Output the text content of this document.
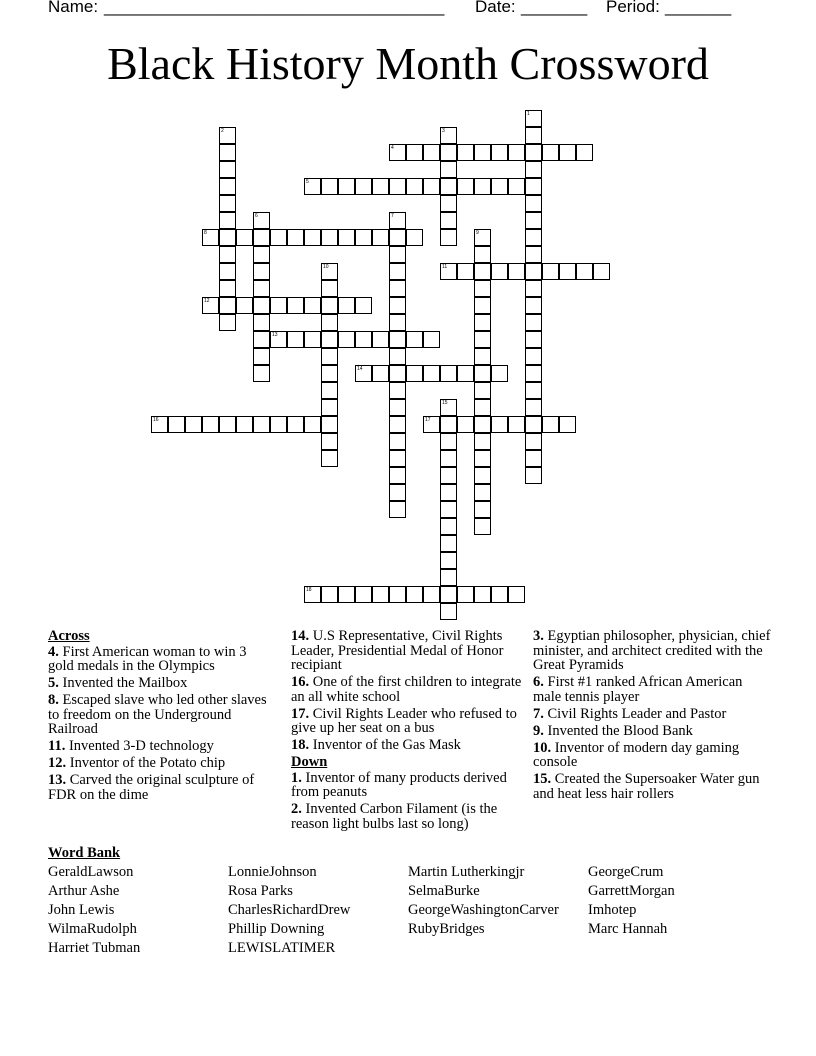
Name: ____________________________________ Date: _______ Period: _______
Black History Month Crossword
4
5
8
11
12
13
14
16	17
18
1
2	3
6	7
9
10
15
Across
4. First American woman to win 3 gold medals in the Olympics
5. Invented the Mailbox
8. Escaped slave who led other slaves to freedom on the Underground Railroad
11. Invented 3-D technology
12. Inventor of the Potato chip
13. Carved the original sculpture of FDR on the dime
14. U.S Representative, Civil Rights Leader, Presidential Medal of Honor recipiant
16. One of the first children to integrate an all white school
17. Civil Rights Leader who refused to give up her seat on a bus
18. Inventor of the Gas Mask
Down
1. Inventor of many products derived from peanuts
2. Invented Carbon Filament (is the reason light bulbs last so long)
3. Egyptian philosopher, physician, chief minister, and architect credited with the Great Pyramids
6. First #1 ranked African American male tennis player
7. Civil Rights Leader and Pastor
9. Invented the Blood Bank
10. Inventor of modern day gaming console
15. Created the Supersoaker Water gun and heat less hair rollers
Word Bank
GeraldLawson
Arthur Ashe
John Lewis
WilmaRudolph
Harriet Tubman
LonnieJohnson
Rosa Parks
CharlesRichardDrew
Phillip Downing
LEWISLATIMER
Martin Lutherkingjr
SelmaBurke
GeorgeWashingtonCarver
RubyBridges
GeorgeCrum
GarrettMorgan
Imhotep
Marc Hannah
